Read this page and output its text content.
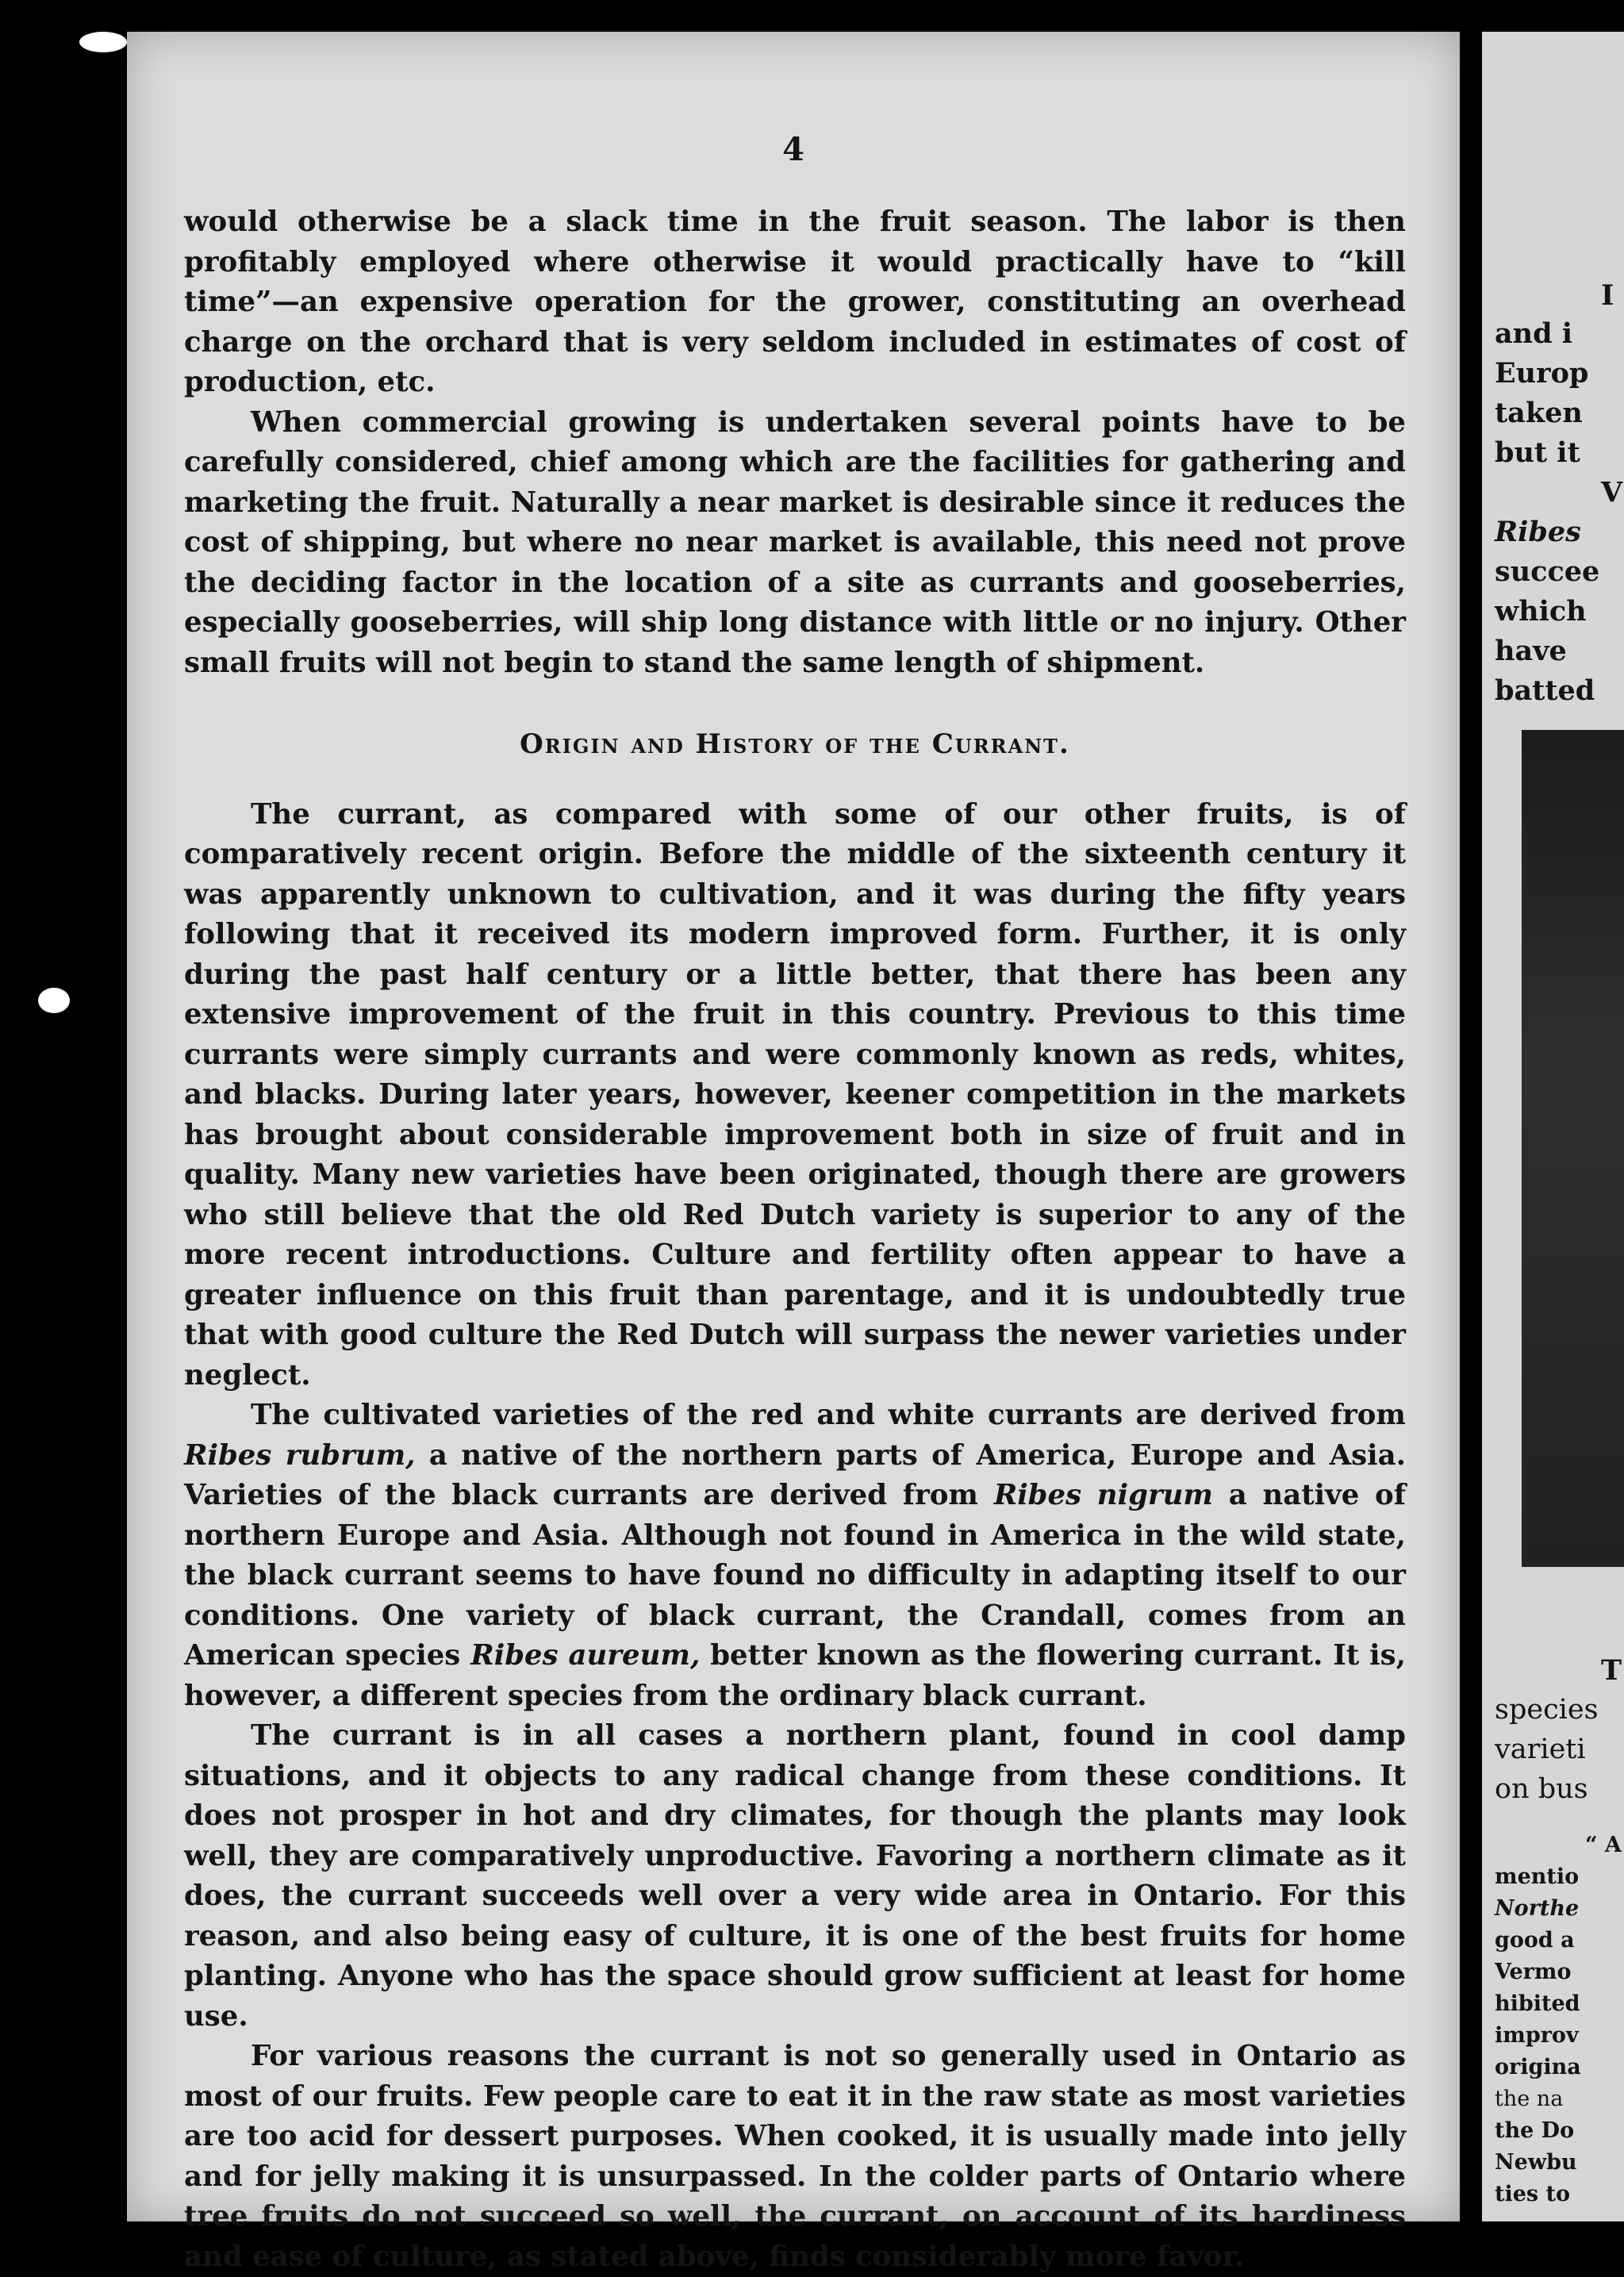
4

would otherwise be a slack time in the fruit season. The labor is then profitably employed where otherwise it would practically have to “kill time”—an expensive operation for the grower, constituting an overhead charge on the orchard that is very seldom included in estimates of cost of production, etc.

When commercial growing is undertaken several points have to be carefully considered, chief among which are the facilities for gathering and marketing the fruit. Naturally a near market is desirable since it reduces the cost of shipping, but where no near market is available, this need not prove the deciding factor in the location of a site as currants and gooseberries, especially gooseberries, will ship long distance with little or no injury. Other small fruits will not begin to stand the same length of shipment.

Origin and History of the Currant.

The currant, as compared with some of our other fruits, is of comparatively recent origin. Before the middle of the sixteenth century it was apparently unknown to cultivation, and it was during the fifty years following that it received its modern improved form. Further, it is only during the past half century or a little better, that there has been any extensive improvement of the fruit in this country. Previous to this time currants were simply currants and were commonly known as reds, whites, and blacks. During later years, however, keener competition in the markets has brought about considerable improvement both in size of fruit and in quality. Many new varieties have been originated, though there are growers who still believe that the old Red Dutch variety is superior to any of the more recent introductions. Culture and fertility often appear to have a greater influence on this fruit than parentage, and it is undoubtedly true that with good culture the Red Dutch will surpass the newer varieties under neglect.

The cultivated varieties of the red and white currants are derived from Ribes rubrum, a native of the northern parts of America, Europe and Asia. Varieties of the black currants are derived from Ribes nigrum a native of northern Europe and Asia. Although not found in America in the wild state, the black currant seems to have found no difficulty in adapting itself to our conditions. One variety of black currant, the Crandall, comes from an American species Ribes aureum, better known as the flowering currant. It is, however, a different species from the ordinary black currant.

The currant is in all cases a northern plant, found in cool damp situations, and it objects to any radical change from these conditions. It does not prosper in hot and dry climates, for though the plants may look well, they are comparatively unproductive. Favoring a northern climate as it does, the currant succeeds well over a very wide area in Ontario. For this reason, and also being easy of culture, it is one of the best fruits for home planting. Anyone who has the space should grow sufficient at least for home use.

For various reasons the currant is not so generally used in Ontario as most of our fruits. Few people care to eat it in the raw state as most varieties are too acid for dessert purposes. When cooked, it is usually made into jelly and for jelly making it is unsurpassed. In the colder parts of Ontario where tree fruits do not succeed so well, the currant, on account of its hardiness and ease of culture, as stated above, finds considerably more favor.

I
and i
Europ
taken
but it
V
Ribes
succee
which
have
batted
T
species
varieti
on bus
“ A
mentio
Northe
good a
Vermo
hibited
improv
origina
the na
the Do
Newbu
ties to
